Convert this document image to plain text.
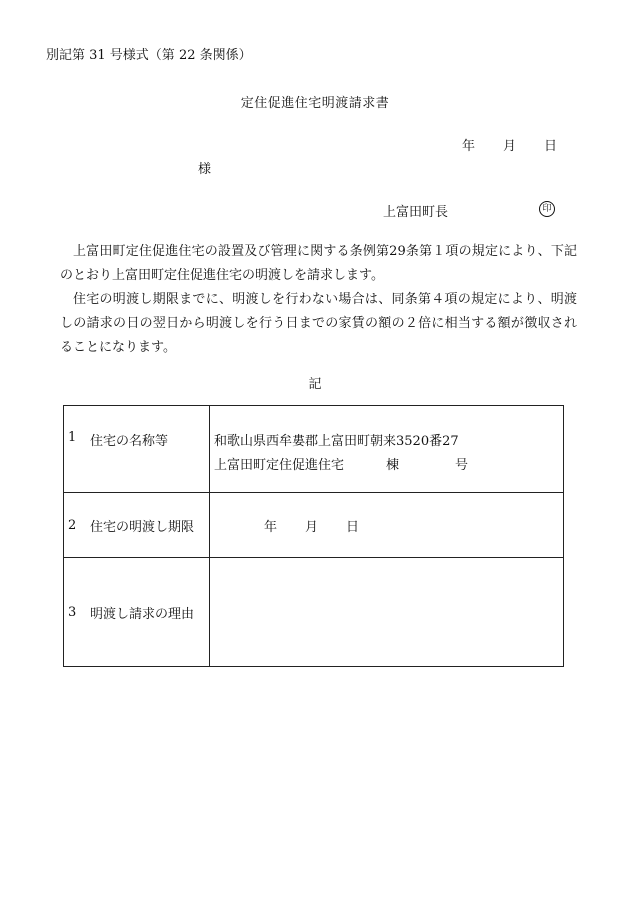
別記第 31 号様式（第 22 条関係）
定住促進住宅明渡請求書
年 月 日
様
上富田町長	印

上富田町定住促進住宅の設置及び管理に関する条例第29条第１項の規定により、下記のとおり上富田町定住促進住宅の明渡しを請求します。

住宅の明渡し期限までに、明渡しを行わない場合は、同条第４項の規定により、明渡しの請求の日の翌日から明渡しを行う日までの家賃の額の２倍に相当する額が徴収されることになります。

記
1	住宅の名称等	和歌山県西牟婁郡上富田町朝来3520番27
上富田町定住促進住宅	棟	号
2	住宅の明渡し期限	年 月 日
3	明渡し請求の理由
